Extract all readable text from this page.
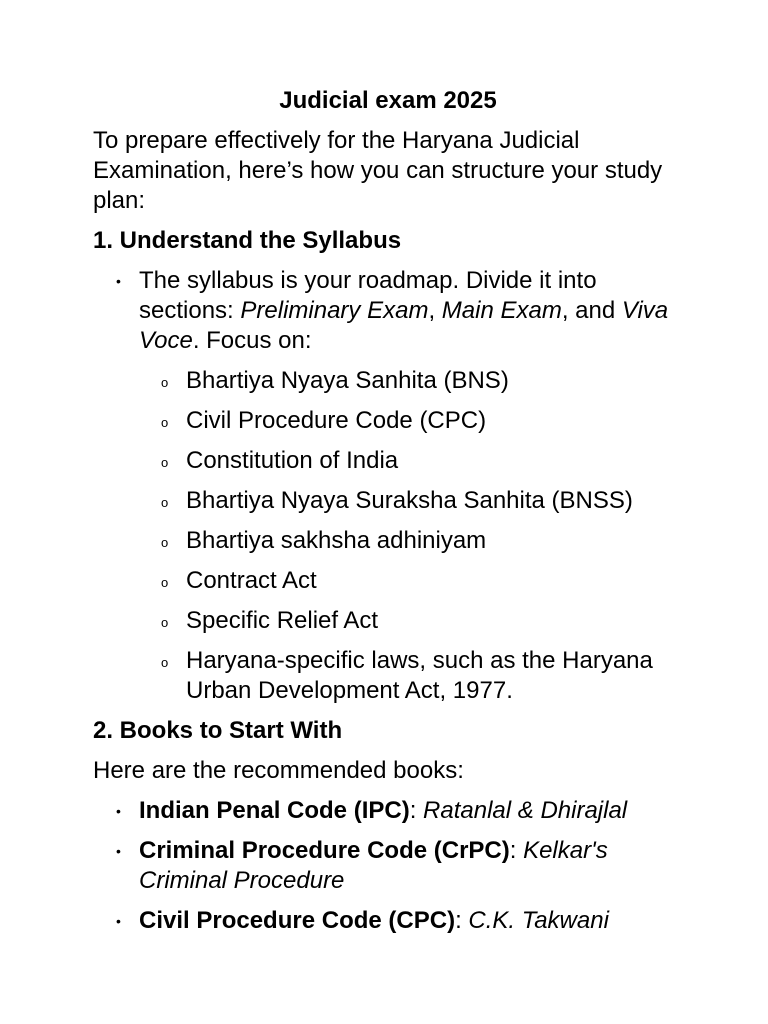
Judicial exam 2025

To prepare effectively for the Haryana Judicial Examination, here’s how you can structure your study plan:

1. Understand the Syllabus
• The syllabus is your roadmap. Divide it into sections: Preliminary Exam, Main Exam, and Viva Voce. Focus on:
o Bhartiya Nyaya Sanhita (BNS)
o Civil Procedure Code (CPC)
o Constitution of India
o Bhartiya Nyaya Suraksha Sanhita (BNSS)
o Bhartiya sakhsha adhiniyam
o Contract Act
o Specific Relief Act
o Haryana-specific laws, such as the Haryana Urban Development Act, 1977.
2. Books to Start With

Here are the recommended books:

• Indian Penal Code (IPC): Ratanlal & Dhirajlal
• Criminal Procedure Code (CrPC): Kelkar's Criminal Procedure
• Civil Procedure Code (CPC): C.K. Takwani
